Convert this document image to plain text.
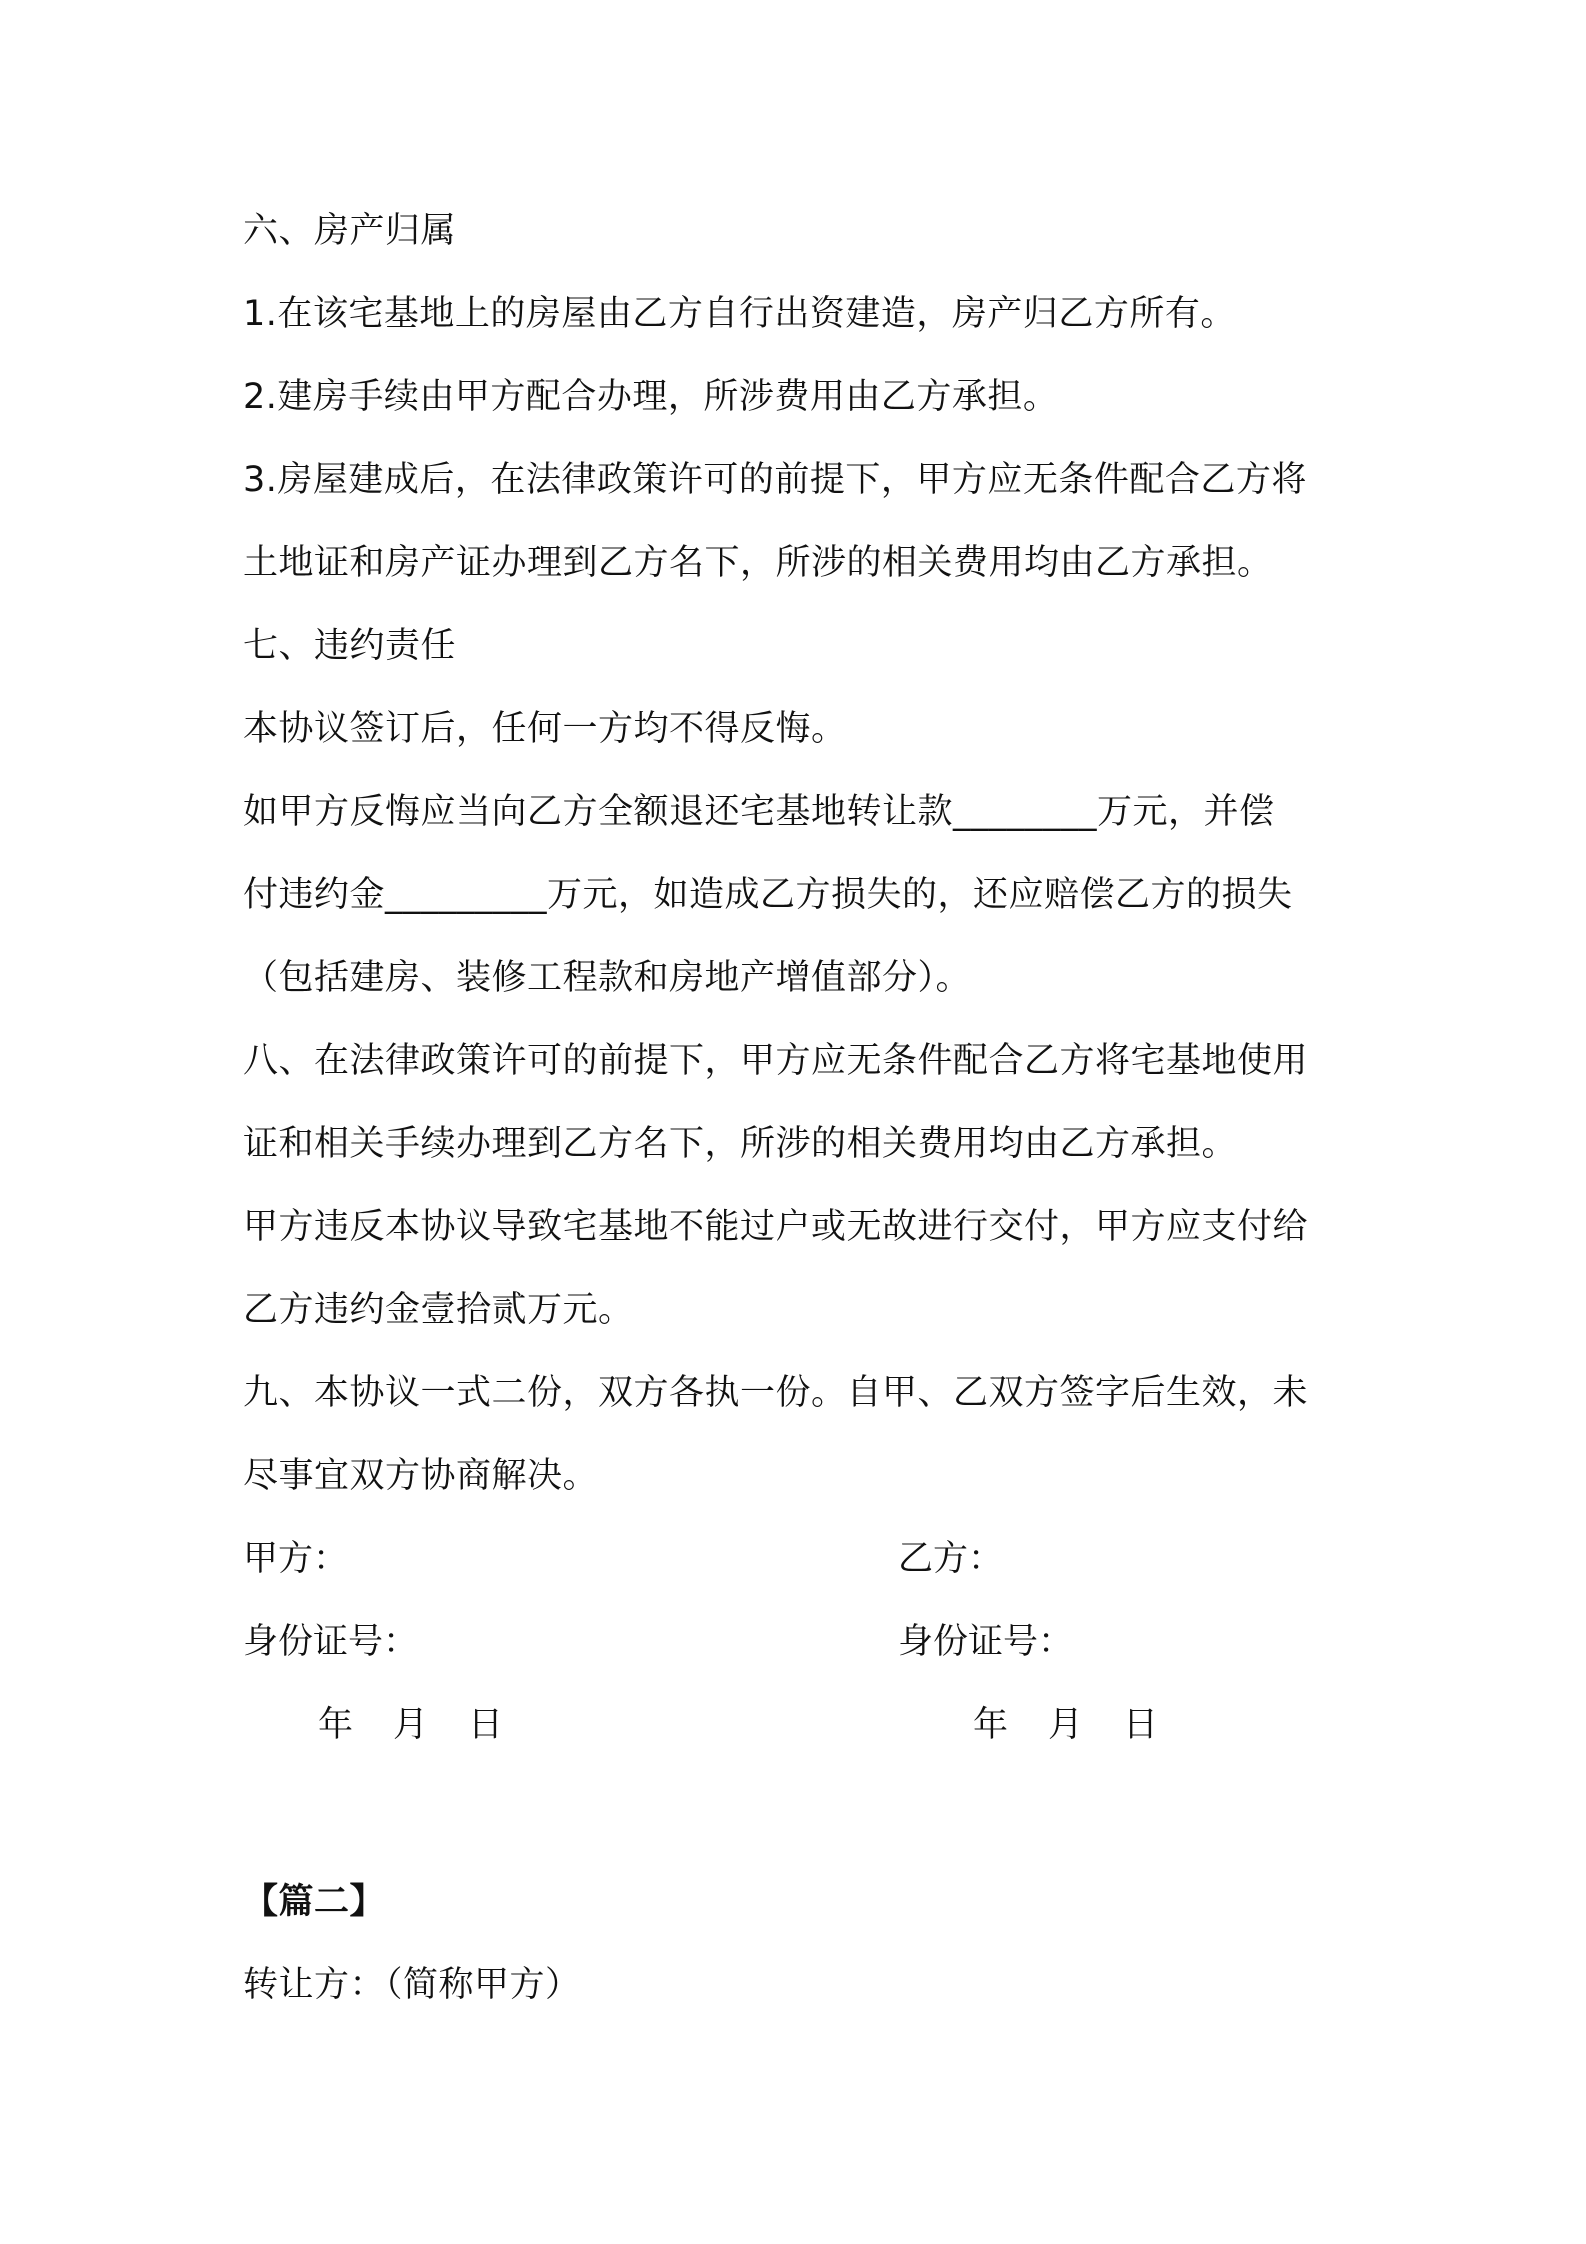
六、房产归属
1.在该宅基地上的房屋由乙方自行出资建造，房产归乙方所有。
2.建房手续由甲方配合办理，所涉费用由乙方承担。
3.房屋建成后，在法律政策许可的前提下，甲方应无条件配合乙方将
土地证和房产证办理到乙方名下，所涉的相关费用均由乙方承担。
七、违约责任
本协议签订后，任何一方均不得反悔。
如甲方反悔应当向乙方全额退还宅基地转让款________万元，并偿
付违约金_________万元，如造成乙方损失的，还应赔偿乙方的损失
（包括建房、装修工程款和房地产增值部分）。
八、在法律政策许可的前提下，甲方应无条件配合乙方将宅基地使用
证和相关手续办理到乙方名下，所涉的相关费用均由乙方承担。
甲方违反本协议导致宅基地不能过户或无故进行交付，甲方应支付给
乙方违约金壹拾贰万元。
九、本协议一式二份，双方各执一份。自甲、乙双方签字后生效，未
尽事宜双方协商解决。
甲方：	乙方：
身份证号：	身份证号：
年 月 日	年 月 日
【篇二】
转让方：（简称甲方）
